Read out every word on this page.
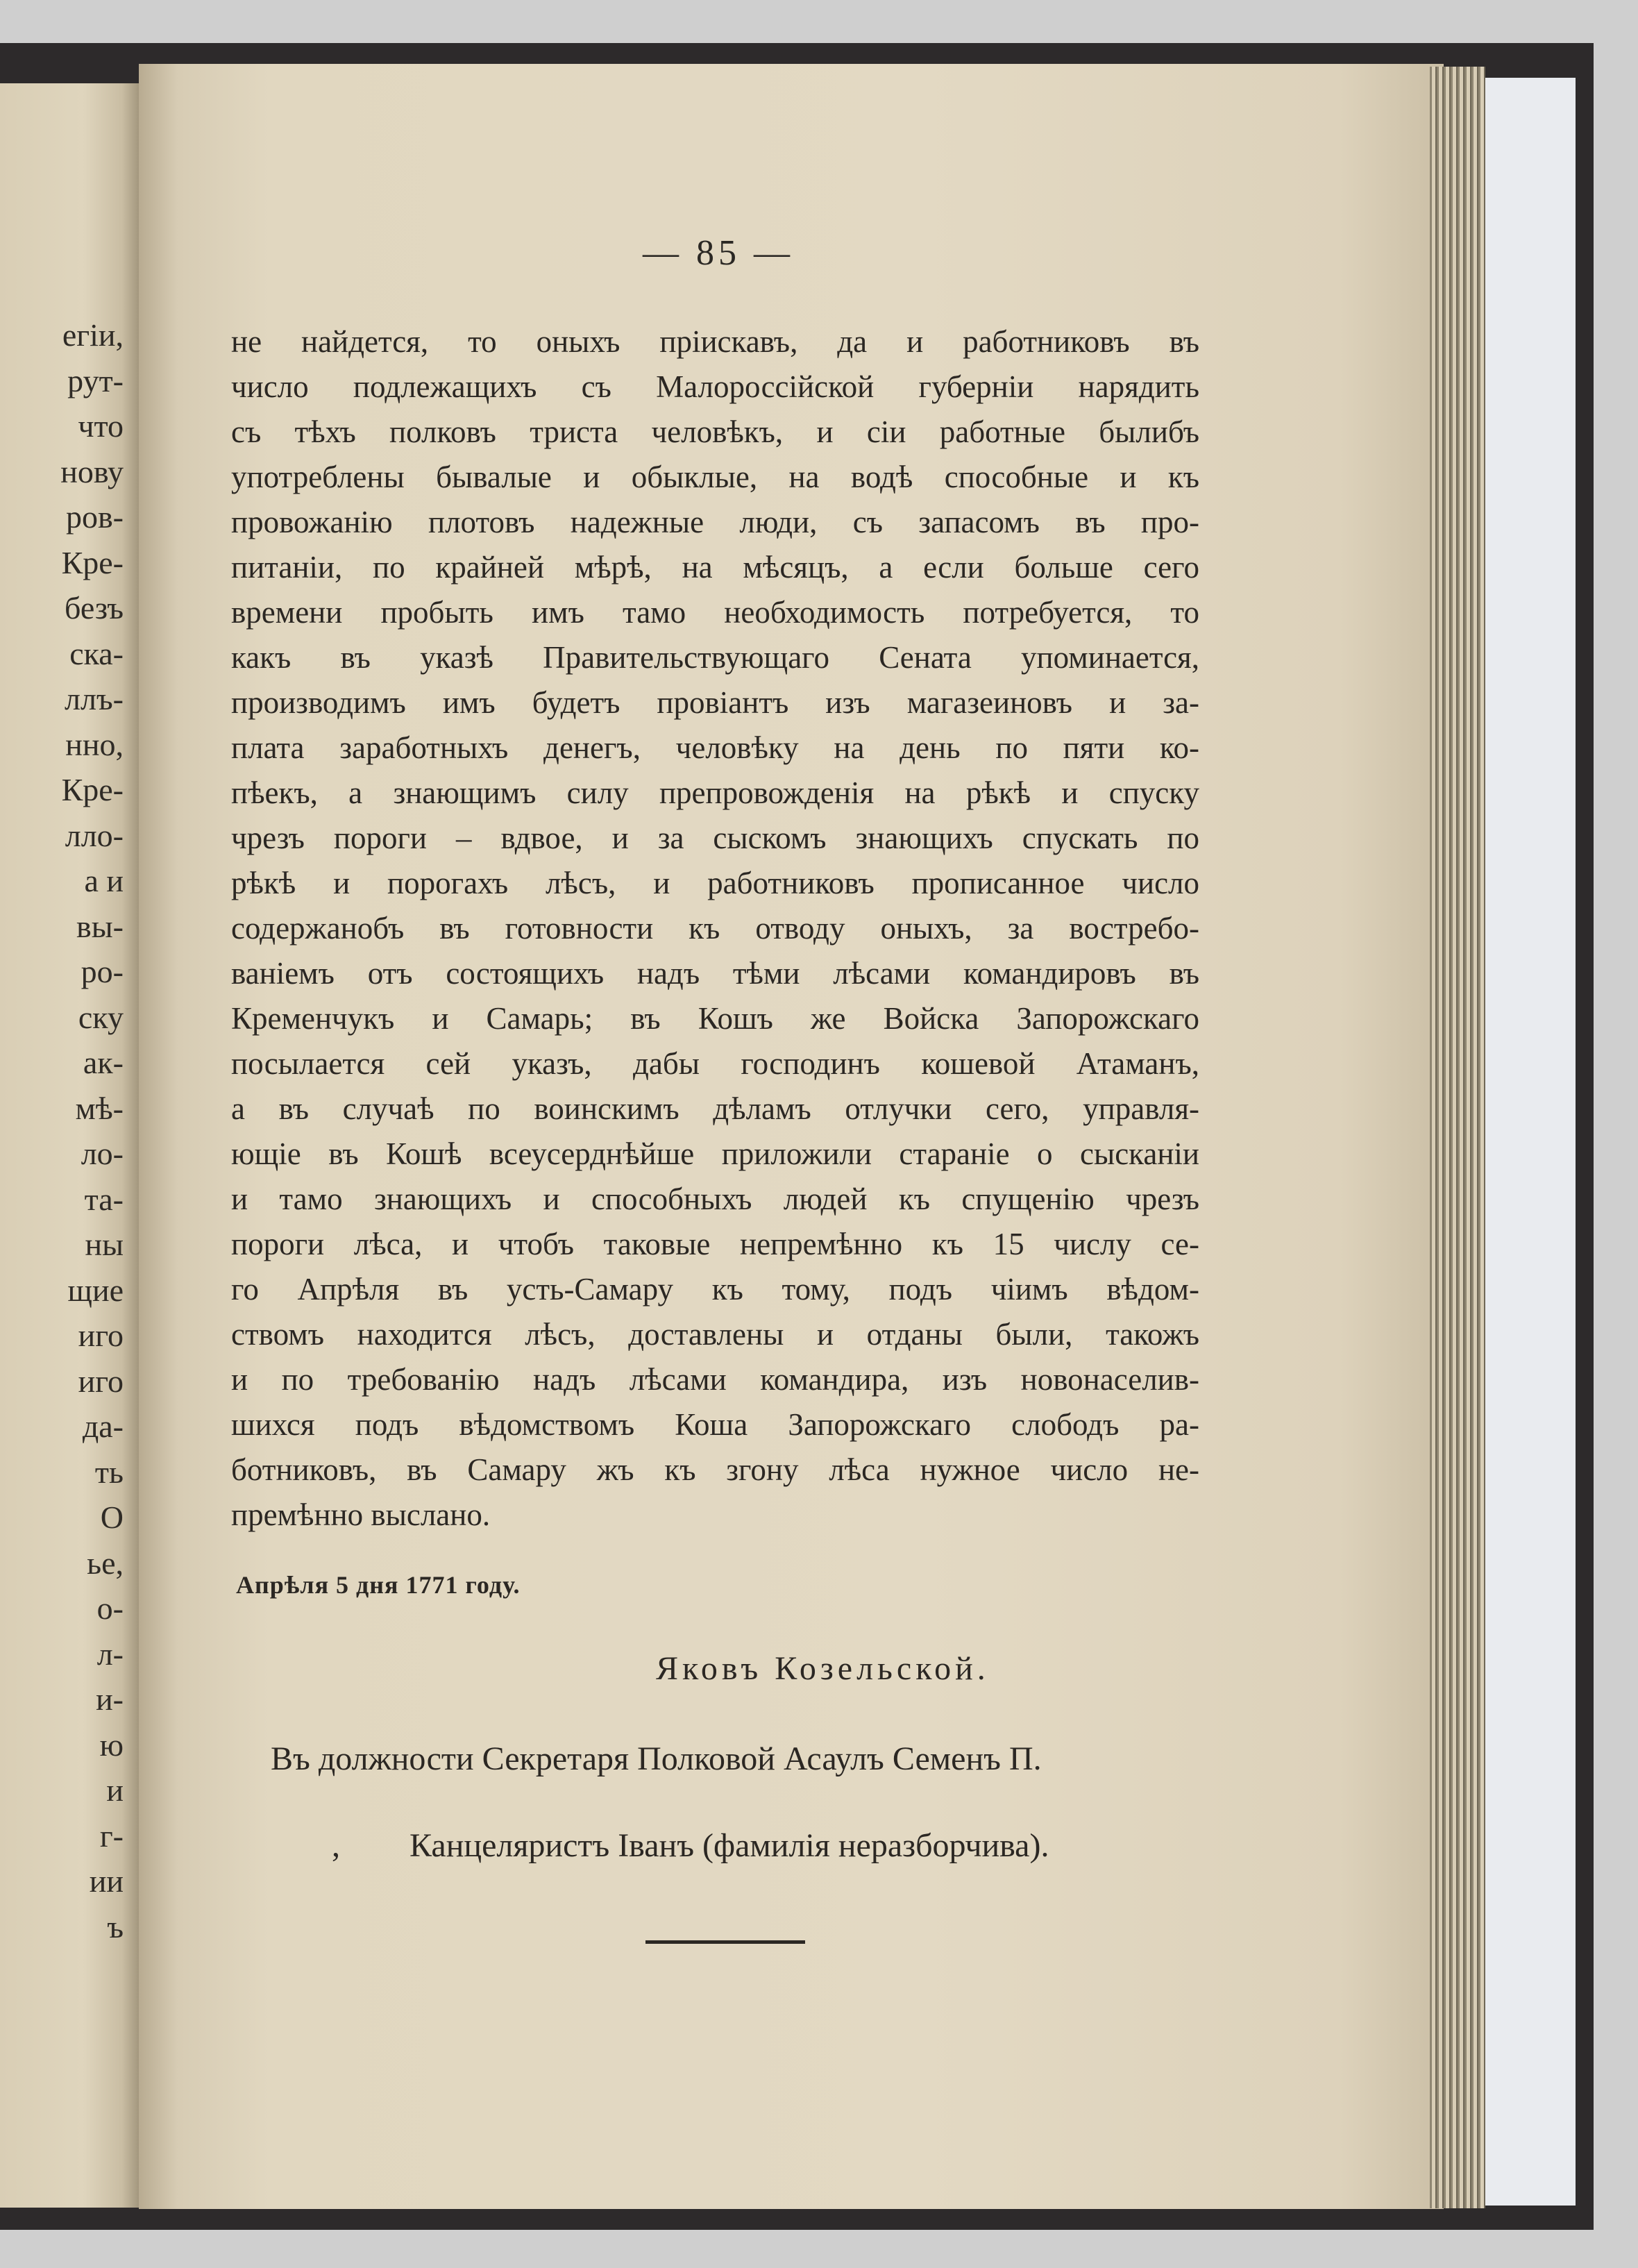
егіи,
рут-
что
нову
ров-
Кре-
безъ
ска-
ллъ-
нно,
Кре-
лло-
а и
вы-
ро-
ску
ак-
мѣ-
ло-
та-
ны
щие
иго
иго
да-
ть
О
ье,
о-
л-
и-
ю
и
г-
ии
ъ
— 85 —
не найдется, то оныхъ пріискавъ, да и работниковъ въ
число подлежащихъ съ Малороссійской губерніи нарядить
съ тѣхъ полковъ триста человѣкъ, и сіи работные былибъ
употреблены бывалые и обыклые, на водѣ способные и къ
провожанію плотовъ надежные люди, съ запасомъ въ про-
питаніи, по крайней мѣрѣ, на мѣсяцъ, а если больше сего
времени пробыть имъ тамо необходимость потребуется, то
какъ въ указѣ Правительствующаго Сената упоминается,
производимъ имъ будетъ провіантъ изъ магазеиновъ и за-
плата заработныхъ денегъ, человѣку на день по пяти ко-
пѣекъ, а знающимъ силу препровожденія на рѣкѣ и спуску
чрезъ пороги – вдвое, и за сыскомъ знающихъ спускать по
рѣкѣ и порогахъ лѣсъ, и работниковъ прописанное число
содержанобъ въ готовности къ отводу оныхъ, за востребо-
ваніемъ отъ состоящихъ надъ тѣми лѣсами командировъ въ
Кременчукъ и Самарь; въ Кошъ же Войска Запорожскаго
посылается сей указъ, дабы господинъ кошевой Атаманъ,
а въ случаѣ по воинскимъ дѣламъ отлучки сего, управля-
ющіе въ Кошѣ всеусерднѣйше приложили стараніе о сысканіи
и тамо знающихъ и способныхъ людей къ спущенію чрезъ
пороги лѣса, и чтобъ таковые непремѣнно къ 15 числу се-
го Апрѣля въ усть-Самару къ тому, подъ чіимъ вѣдом-
ствомъ находится лѣсъ, доставлены и отданы были, такожъ
и по требованію надъ лѣсами командира, изъ новонаселив-
шихся подъ вѣдомствомъ Коша Запорожскаго слободъ ра-
ботниковъ, въ Самару жъ къ згону лѣса нужное число не-
премѣнно выслано.
Апрѣля 5 дня 1771 году.
Яковъ Козельской.
Въ должности Секретаря Полковой Асаулъ Семенъ П.
, Канцеляристъ Іванъ (фамилія неразборчива).
